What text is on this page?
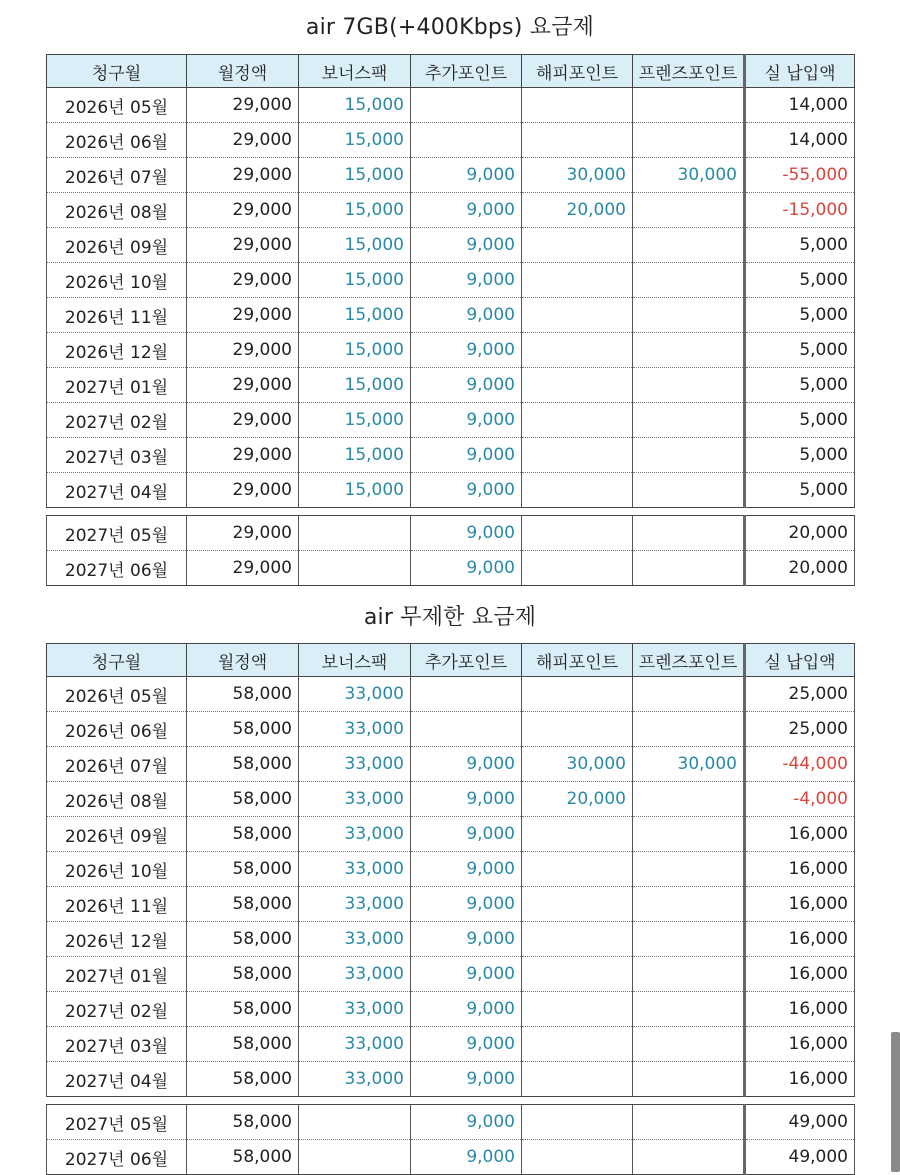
air 7GB(+400Kbps) 요금제
청구월	월정액	보너스팩	추가포인트	해피포인트	프렌즈포인트	실 납입액
2026년 05월	29,000	15,000				14,000
2026년 06월	29,000	15,000				14,000
2026년 07월	29,000	15,000	9,000	30,000	30,000	-55,000
2026년 08월	29,000	15,000	9,000	20,000		-15,000
2026년 09월	29,000	15,000	9,000			5,000
2026년 10월	29,000	15,000	9,000			5,000
2026년 11월	29,000	15,000	9,000			5,000
2026년 12월	29,000	15,000	9,000			5,000
2027년 01월	29,000	15,000	9,000			5,000
2027년 02월	29,000	15,000	9,000			5,000
2027년 03월	29,000	15,000	9,000			5,000
2027년 04월	29,000	15,000	9,000			5,000

2027년 05월	29,000		9,000			20,000
2027년 06월	29,000		9,000			20,000
air 무제한 요금제
청구월	월정액	보너스팩	추가포인트	해피포인트	프렌즈포인트	실 납입액
2026년 05월	58,000	33,000				25,000
2026년 06월	58,000	33,000				25,000
2026년 07월	58,000	33,000	9,000	30,000	30,000	-44,000
2026년 08월	58,000	33,000	9,000	20,000		-4,000
2026년 09월	58,000	33,000	9,000			16,000
2026년 10월	58,000	33,000	9,000			16,000
2026년 11월	58,000	33,000	9,000			16,000
2026년 12월	58,000	33,000	9,000			16,000
2027년 01월	58,000	33,000	9,000			16,000
2027년 02월	58,000	33,000	9,000			16,000
2027년 03월	58,000	33,000	9,000			16,000
2027년 04월	58,000	33,000	9,000			16,000

2027년 05월	58,000		9,000			49,000
2027년 06월	58,000		9,000			49,000
